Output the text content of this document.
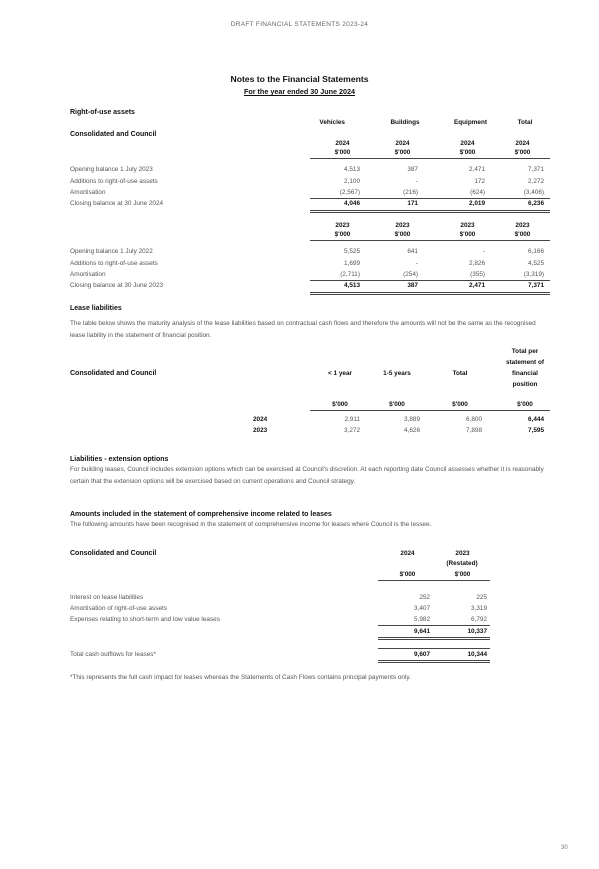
DRAFT FINANCIAL STATEMENTS 2023-24
Notes to the Financial Statements
For the year ended 30 June 2024
Right-of-use assets
Vehicles	Buildings	Equipment	Total
Consolidated and Council
2024	2024	2024	2024
$'000	$'000	$'000	$'000
Opening balance 1 July 2023	4,513	387	2,471	7,371
Additions to right-of-use assets	2,100	-	172	2,272
Amortisation	(2,567)	(216)	(624)	(3,406)
Closing balance at 30 June 2024	4,046	171	2,019	6,236
2023	2023	2023	2023
$'000	$'000	$'000	$'000
Opening balance 1 July 2022	5,525	641	-	6,166
Additions to right-of-use assets	1,699	-	2,826	4,525
Amortisation	(2,711)	(254)	(355)	(3,319)
Closing balance at 30 June 2023	4,513	387	2,471	7,371
Lease liabilities
The table below shows the maturity analysis of the lease liabilities based on contractual cash flows and therefore the amounts will not be the same as the recognised lease liability in the statement of financial position.
Total per
statement of
financial
position
Consolidated and Council	< 1 year	1-5 years	Total
$'000	$'000	$'000	$'000
2024	2,911	3,889	6,800	6,444
2023	3,272	4,626	7,898	7,595
Liabilities - extension options
For building leases, Council includes extension options which can be exercised at Council's discretion. At each reporting date Council assesses whether it is reasonably certain that the extension options will be exercised based on current operations and Council strategy.
Amounts included in the statement of comprehensive income related to leases
The following amounts have been recognised in the statement of comprehensive income for leases where Council is the lessee.
Consolidated and Council	2024	2023
(Restated)
$'000	$'000
Interest on lease liabilities	252	225
Amortisation of right-of-use assets	3,407	3,319
Expenses relating to short-term and low value leases	5,982	6,792
9,641	10,337
Total cash outflows for leases*	9,607	10,344
*This represents the full cash impact for leases whereas the Statements of Cash Flows contains principal payments only.
30
